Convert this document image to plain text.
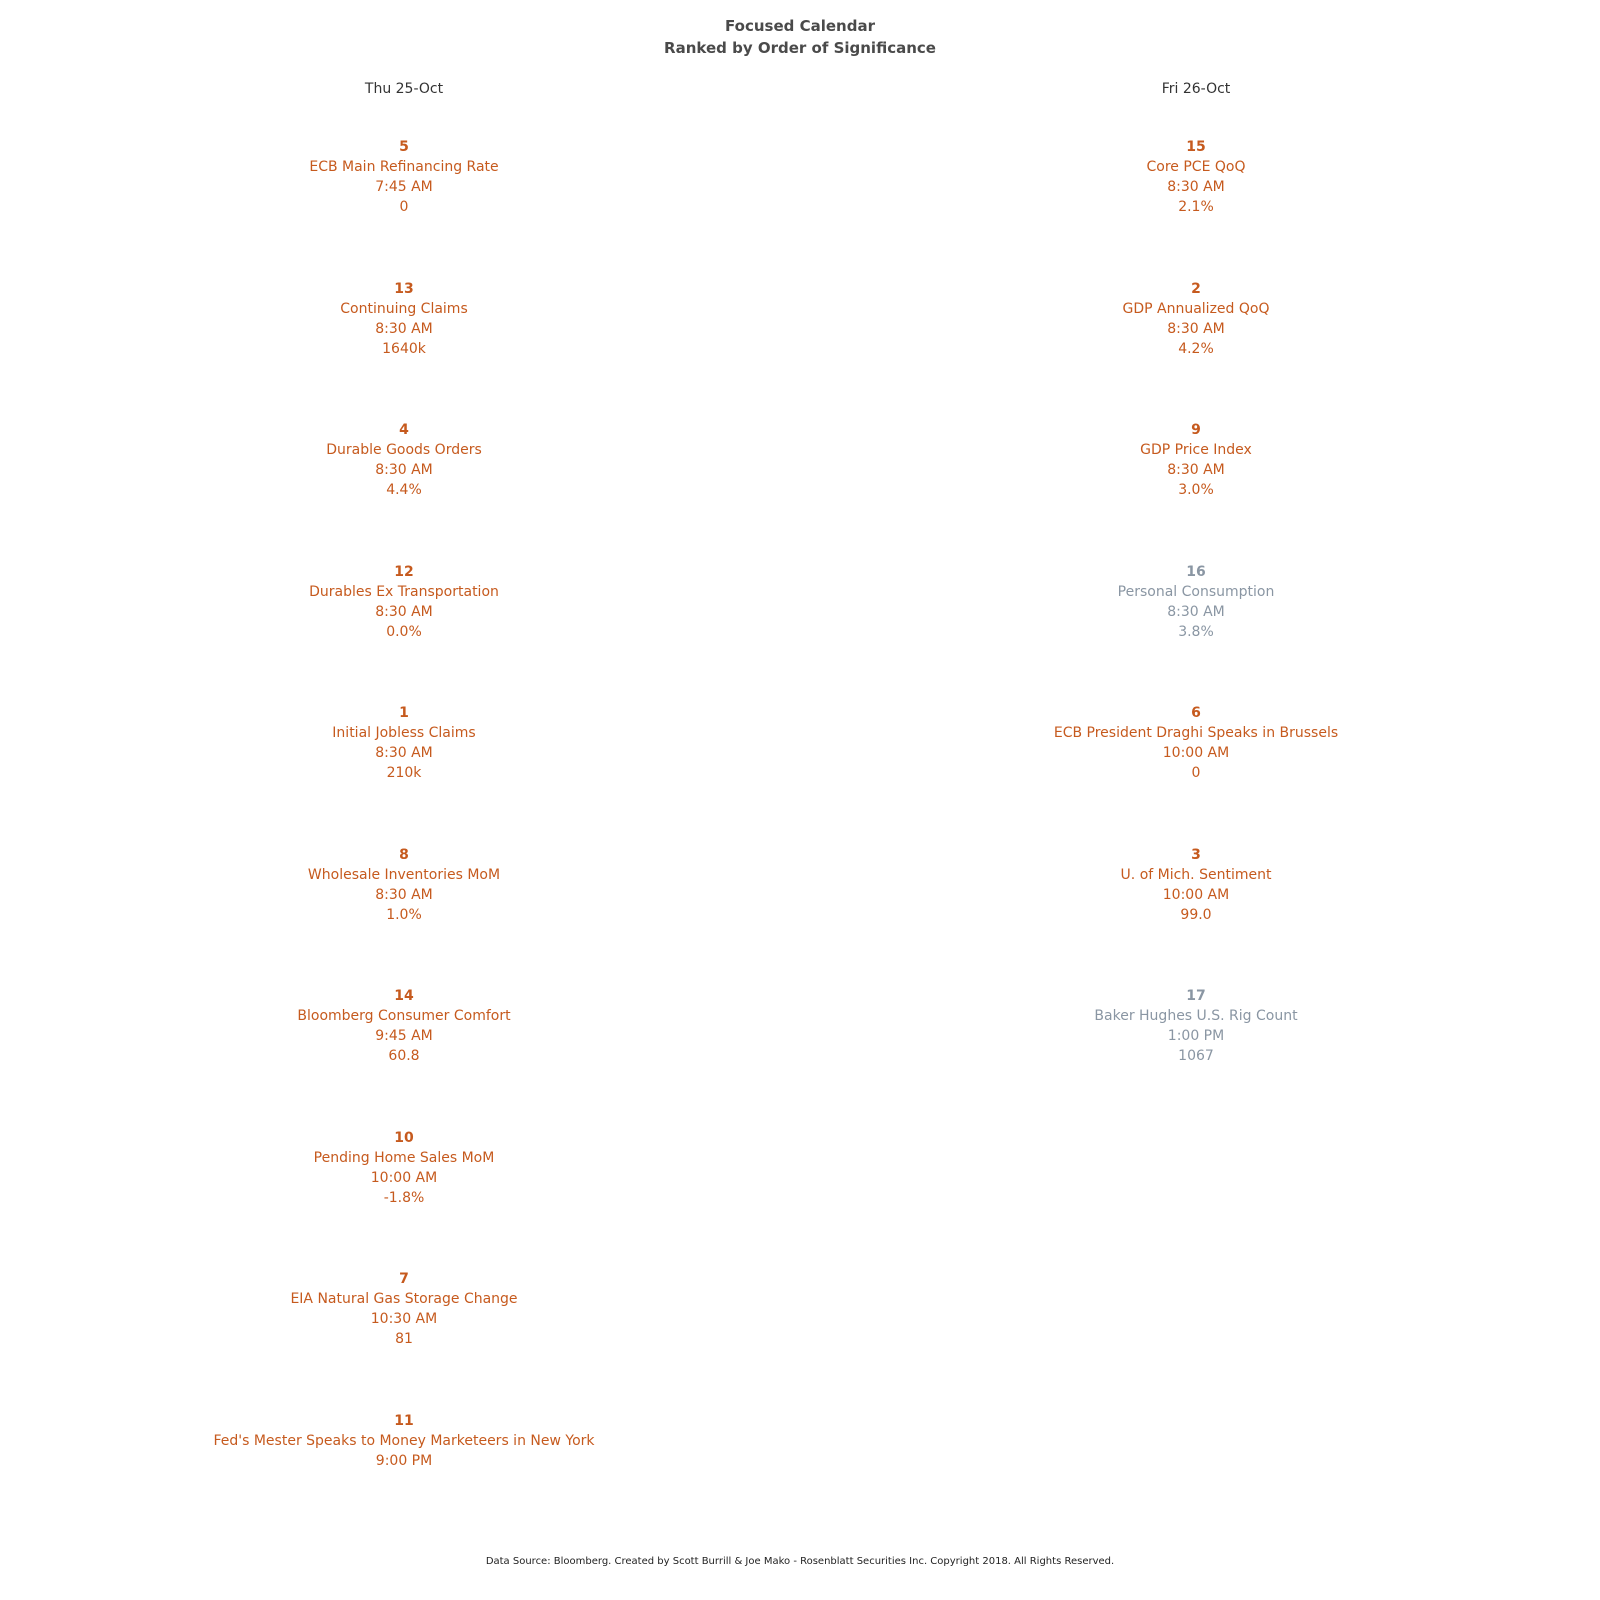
Focused Calendar
Ranked by Order of Significance
Thu 25-Oct	Fri 26-Oct
5
ECB Main Refinancing Rate
7:45 AM
0
13
Continuing Claims
8:30 AM
1640k
4
Durable Goods Orders
8:30 AM
4.4%
12
Durables Ex Transportation
8:30 AM
0.0%
1
Initial Jobless Claims
8:30 AM
210k
8
Wholesale Inventories MoM
8:30 AM
1.0%
14
Bloomberg Consumer Comfort
9:45 AM
60.8
10
Pending Home Sales MoM
10:00 AM
-1.8%
7
EIA Natural Gas Storage Change
10:30 AM
81
11
Fed's Mester Speaks to Money Marketeers in New York
9:00 PM
15
Core PCE QoQ
8:30 AM
2.1%
2
GDP Annualized QoQ
8:30 AM
4.2%
9
GDP Price Index
8:30 AM
3.0%
16
Personal Consumption
8:30 AM
3.8%
6
ECB President Draghi Speaks in Brussels
10:00 AM
0
3
U. of Mich. Sentiment
10:00 AM
99.0
17
Baker Hughes U.S. Rig Count
1:00 PM
1067
Data Source: Bloomberg. Created by Scott Burrill & Joe Mako - Rosenblatt Securities Inc. Copyright 2018. All Rights Reserved.
